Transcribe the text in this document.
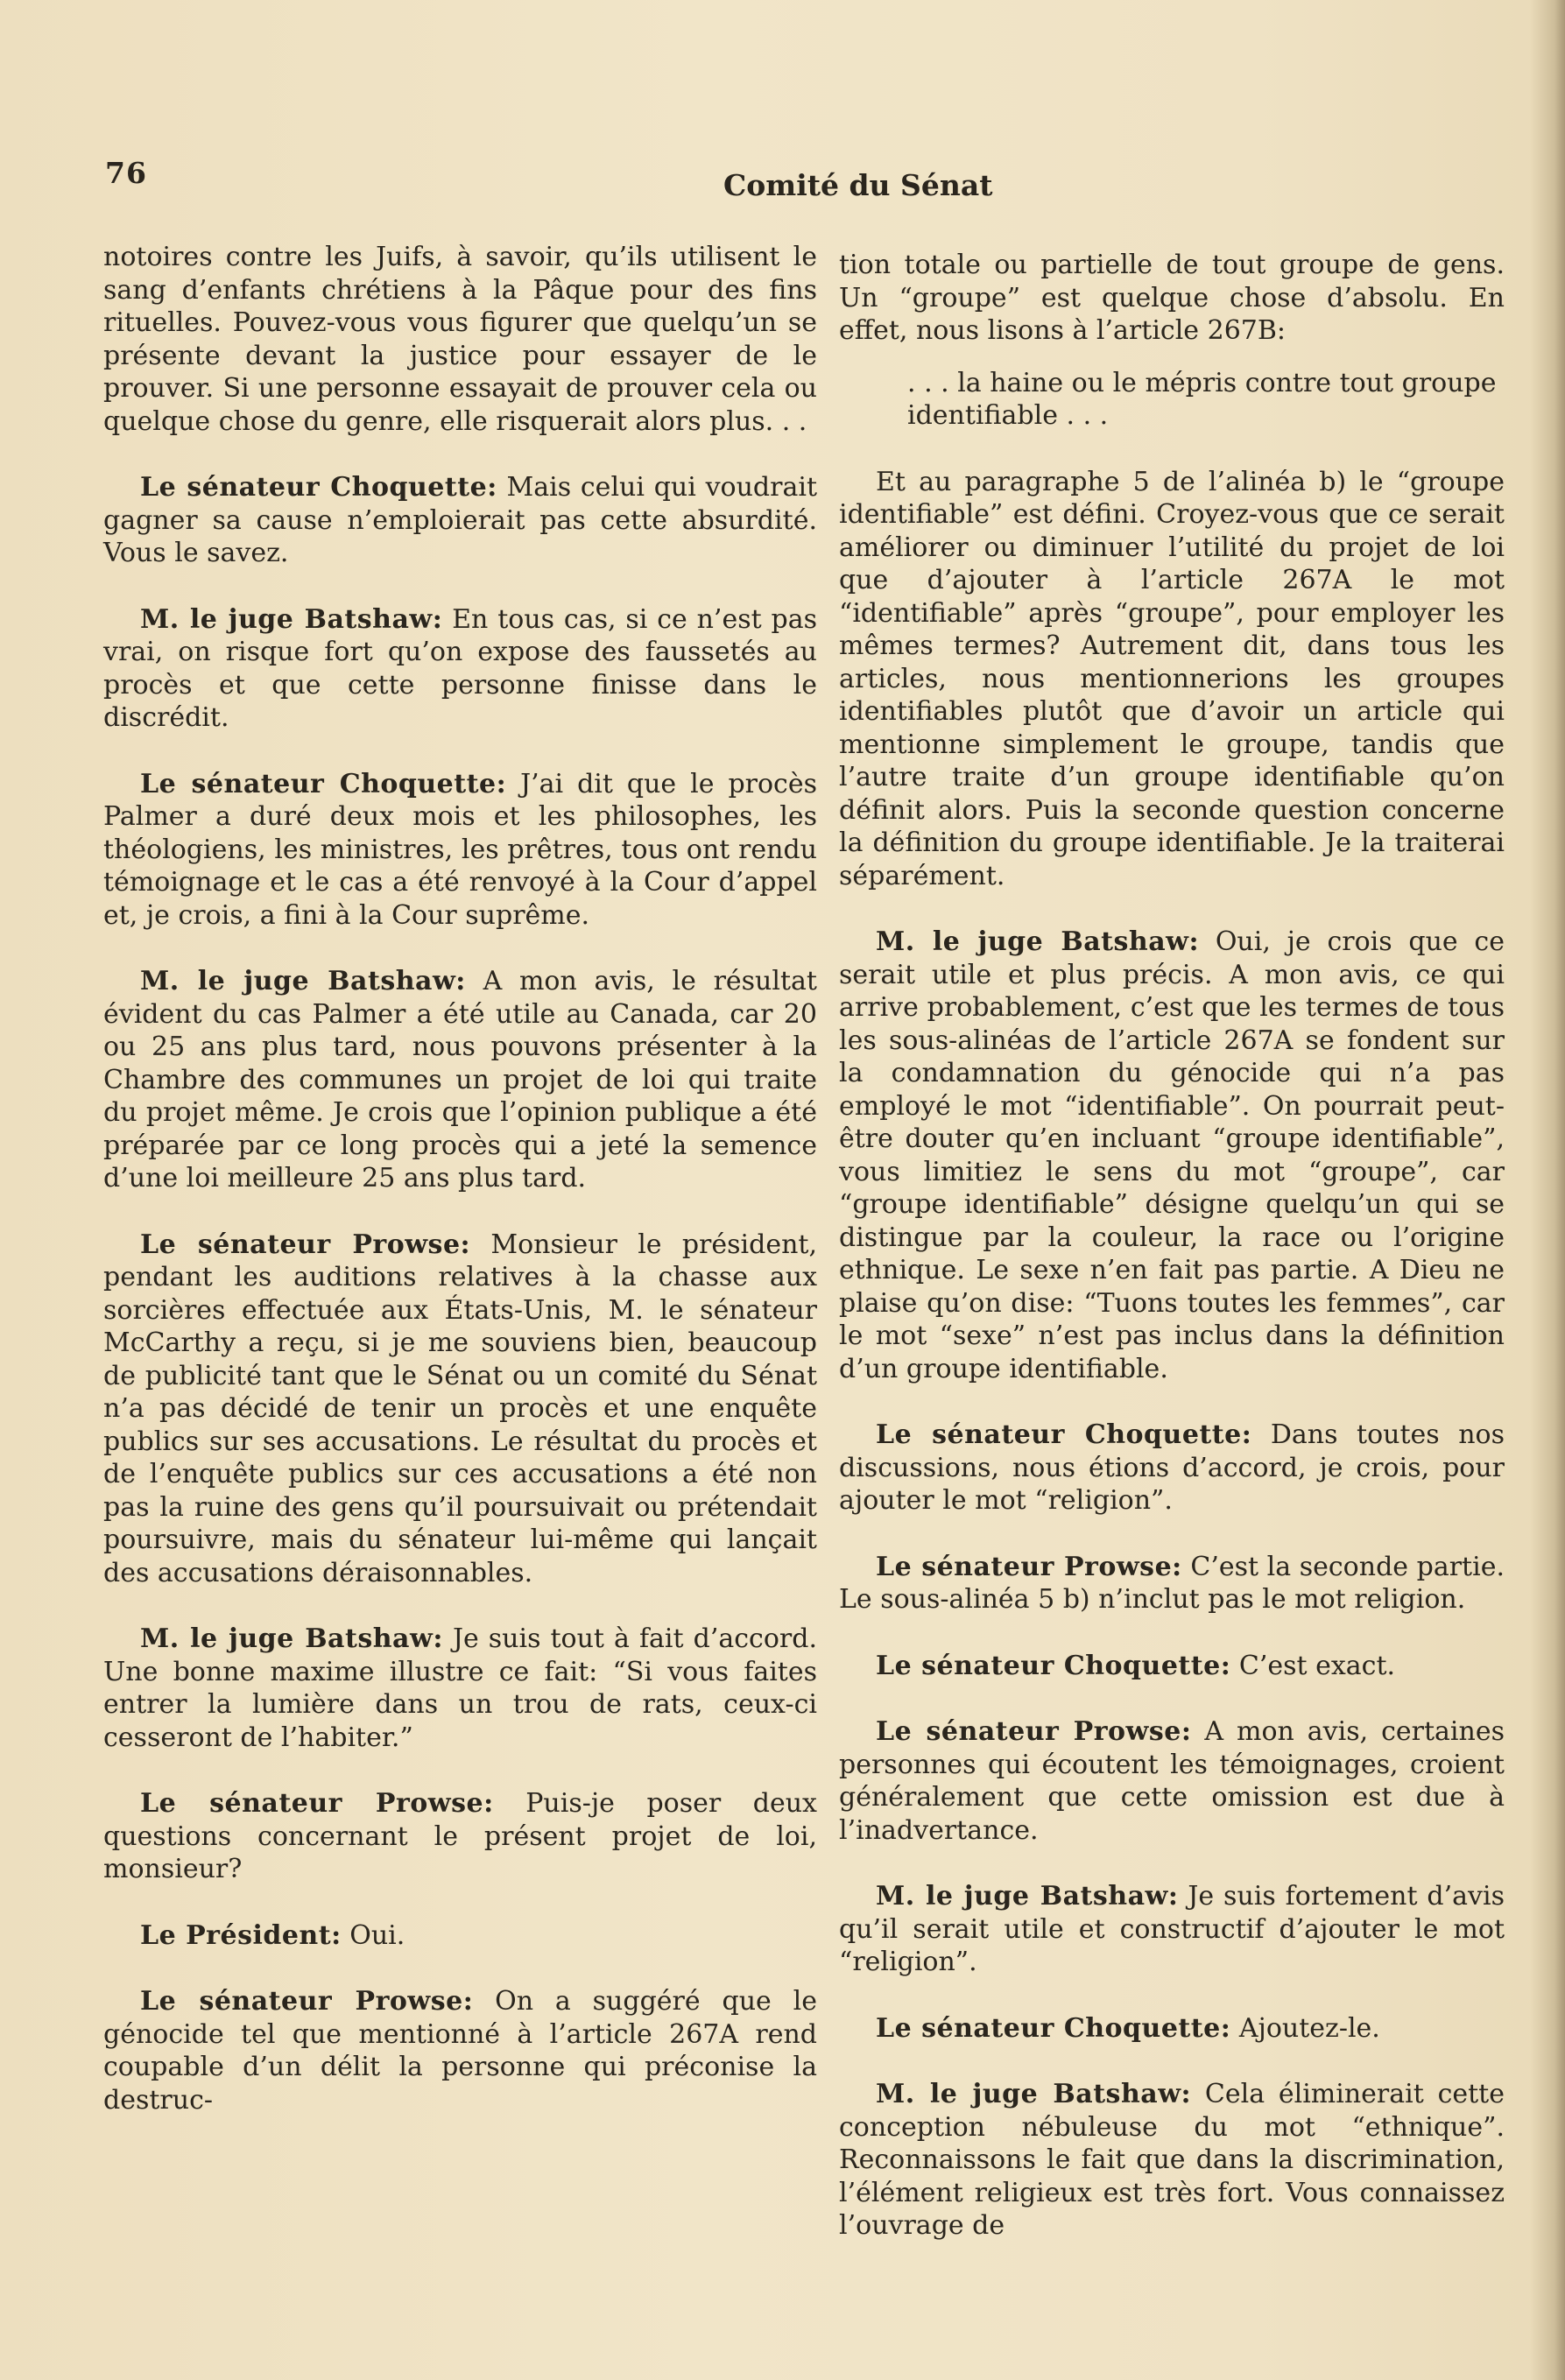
76	Comité du Sénat

notoires contre les Juifs, à savoir, qu’ils utilisent le sang d’enfants chrétiens à la Pâque pour des fins rituelles. Pouvez-vous vous figurer que quelqu’un se présente devant la justice pour essayer de le prouver. Si une personne essayait de prouver cela ou quelque chose du genre, elle risquerait alors plus. . .

Le sénateur Choquette : Mais celui qui voudrait gagner sa cause n’emploierait pas cette absurdité. Vous le savez.

M. le juge Batshaw : En tous cas, si ce n’est pas vrai, on risque fort qu’on expose des faussetés au procès et que cette personne finisse dans le discrédit.

Le sénateur Choquette : J’ai dit que le procès Palmer a duré deux mois et les philosophes, les théologiens, les ministres, les prêtres, tous ont rendu témoignage et le cas a été renvoyé à la Cour d’appel et, je crois, a fini à la Cour suprême.

M. le juge Batshaw : A mon avis, le résultat évident du cas Palmer a été utile au Canada, car 20 ou 25 ans plus tard, nous pouvons présenter à la Chambre des communes un projet de loi qui traite du projet même. Je crois que l’opinion publique a été préparée par ce long procès qui a jeté la semence d’une loi meilleure 25 ans plus tard.

Le sénateur Prowse : Monsieur le président, pendant les auditions relatives à la chasse aux sorcières effectuée aux États-Unis, M. le sénateur McCarthy a reçu, si je me souviens bien, beaucoup de publicité tant que le Sénat ou un comité du Sénat n’a pas décidé de tenir un procès et une enquête publics sur ses accusations. Le résultat du procès et de l’enquête publics sur ces accusations a été non pas la ruine des gens qu’il poursuivait ou prétendait poursuivre, mais du sénateur lui-même qui lançait des accusations déraisonnables.

M. le juge Batshaw : Je suis tout à fait d’accord. Une bonne maxime illustre ce fait: “Si vous faites entrer la lumière dans un trou de rats, ceux-ci cesseront de l’habiter.”

Le sénateur Prowse : Puis-je poser deux questions concernant le présent projet de loi, monsieur?

Le Président : Oui.

Le sénateur Prowse : On a suggéré que le génocide tel que mentionné à l’article 267A rend coupable d’un délit la personne qui préconise la destruc-

tion totale ou partielle de tout groupe de gens. Un “groupe” est quelque chose d’absolu. En effet, nous lisons à l’article 267B:

. . . la haine ou le mépris contre tout groupe identifiable . . .

Et au paragraphe 5 de l’alinéa b) le “groupe identifiable” est défini. Croyez-vous que ce serait améliorer ou diminuer l’utilité du projet de loi que d’ajouter à l’article 267A le mot “identifiable” après “groupe”, pour employer les mêmes termes? Autrement dit, dans tous les articles, nous mentionnerions les groupes identifiables plutôt que d’avoir un article qui mentionne simplement le groupe, tandis que l’autre traite d’un groupe identifiable qu’on définit alors. Puis la seconde question concerne la définition du groupe identifiable. Je la traiterai séparément.

M. le juge Batshaw : Oui, je crois que ce serait utile et plus précis. A mon avis, ce qui arrive probablement, c’est que les termes de tous les sous-alinéas de l’article 267A se fondent sur la condamnation du génocide qui n’a pas employé le mot “identifiable”. On pourrait peut-être douter qu’en incluant “groupe identifiable”, vous limitiez le sens du mot “groupe”, car “groupe identifiable” désigne quelqu’un qui se distingue par la couleur, la race ou l’origine ethnique. Le sexe n’en fait pas partie. A Dieu ne plaise qu’on dise: “Tuons toutes les femmes”, car le mot “sexe” n’est pas inclus dans la définition d’un groupe identifiable.

Le sénateur Choquette : Dans toutes nos discussions, nous étions d’accord, je crois, pour ajouter le mot “religion”.

Le sénateur Prowse : C’est la seconde partie. Le sous-alinéa 5 b) n’inclut pas le mot religion.

Le sénateur Choquette : C’est exact.

Le sénateur Prowse : A mon avis, certaines personnes qui écoutent les témoignages, croient généralement que cette omission est due à l’inadvertance.

M. le juge Batshaw : Je suis fortement d’avis qu’il serait utile et constructif d’ajouter le mot “religion”.

Le sénateur Choquette : Ajoutez-le.

M. le juge Batshaw : Cela éliminerait cette conception nébuleuse du mot “ethnique”. Reconnaissons le fait que dans la discrimination, l’élément religieux est très fort. Vous connaissez l’ouvrage de
